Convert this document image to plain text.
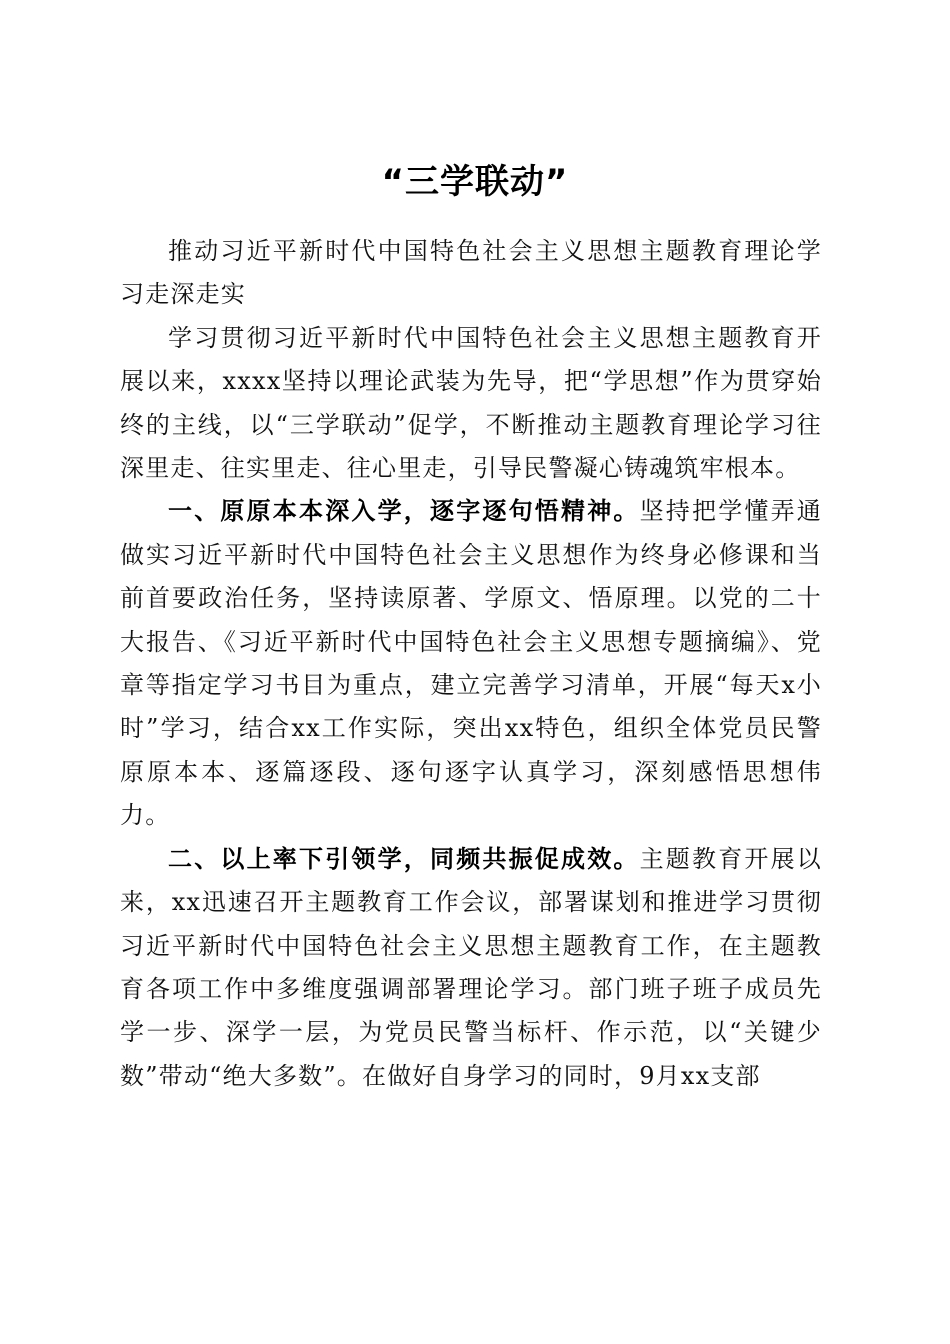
“三学联动”

推动习近平新时代中国特色社会主义思想主题教育理论学习走深走实

学习贯彻习近平新时代中国特色社会主义思想主题教育开展以来，xxxx坚持以理论武装为先导，把“学思想”作为贯穿始终的主线，以“三学联动”促学，不断推动主题教育理论学习往深里走、往实里走、往心里走，引导民警凝心铸魂筑牢根本。

一、原原本本深入学，逐字逐句悟精神。坚持把学懂弄通做实习近平新时代中国特色社会主义思想作为终身必修课和当前首要政治任务，坚持读原著、学原文、悟原理。以党的二十大报告、《习近平新时代中国特色社会主义思想专题摘编》、党章等指定学习书目为重点，建立完善学习清单，开展“每天x小时”学习，结合xx工作实际，突出xx特色，组织全体党员民警原原本本、逐篇逐段、逐句逐字认真学习，深刻感悟思想伟力。

二、以上率下引领学，同频共振促成效。主题教育开展以来，xx迅速召开主题教育工作会议，部署谋划和推进学习贯彻习近平新时代中国特色社会主义思想主题教育工作，在主题教育各项工作中多维度强调部署理论学习。部门班子班子成员先学一步、深学一层，为党员民警当标杆、作示范，以“关键少数”带动“绝大多数”。在做好自身学习的同时，9月xx支部
